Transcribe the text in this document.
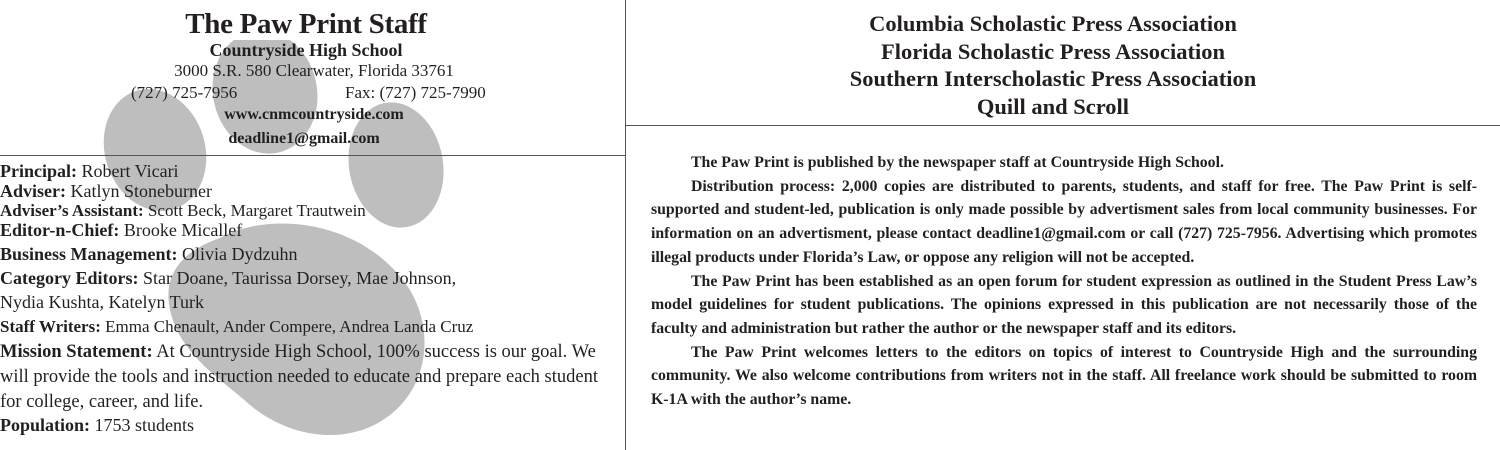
The Paw Print Staff
Countryside High School
3000 S.R. 580 Clearwater, Florida 33761
(727) 725-7956	Fax: (727) 725-7990
www.cnmcountryside.com
deadline1@gmail.com
Principal: Robert Vicari
Adviser: Katlyn Stoneburner
Adviser’s Assistant: Scott Beck, Margaret Trautwein
Editor-n-Chief: Brooke Micallef
Business Management: Olivia Dydzuhn
Category Editors: Star Doane, Taurissa Dorsey, Mae Johnson,
Nydia Kushta, Katelyn Turk
Staff Writers: Emma Chenault, Ander Compere, Andrea Landa Cruz
Mission Statement: At Countryside High School, 100% success is our goal. We will provide the tools and instruction needed to educate and prepare each student for college, career, and life.
Population: 1753 students
Columbia Scholastic Press Association
Florida Scholastic Press Association
Southern Interscholastic Press Association
Quill and Scroll

The Paw Print is published by the newspaper staff at Countryside High School.

Distribution process: 2,000 copies are distributed to parents, students, and staff for free. The Paw Print is self-supported and student-led, publication is only made possible by advertisment sales from local community businesses. For information on an advertisment, please contact deadline1@gmail.com or call (727) 725-7956. Advertising which promotes illegal products under Florida’s Law, or oppose any religion will not be accepted.

The Paw Print has been established as an open forum for student expression as outlined in the Student Press Law’s model guidelines for student publications. The opinions expressed in this publication are not necessarily those of the faculty and administration but rather the author or the newspaper staff and its editors.

The Paw Print welcomes letters to the editors on topics of interest to Countryside High and the surrounding community. We also welcome contributions from writers not in the staff. All freelance work should be submitted to room K-1A with the author’s name.
